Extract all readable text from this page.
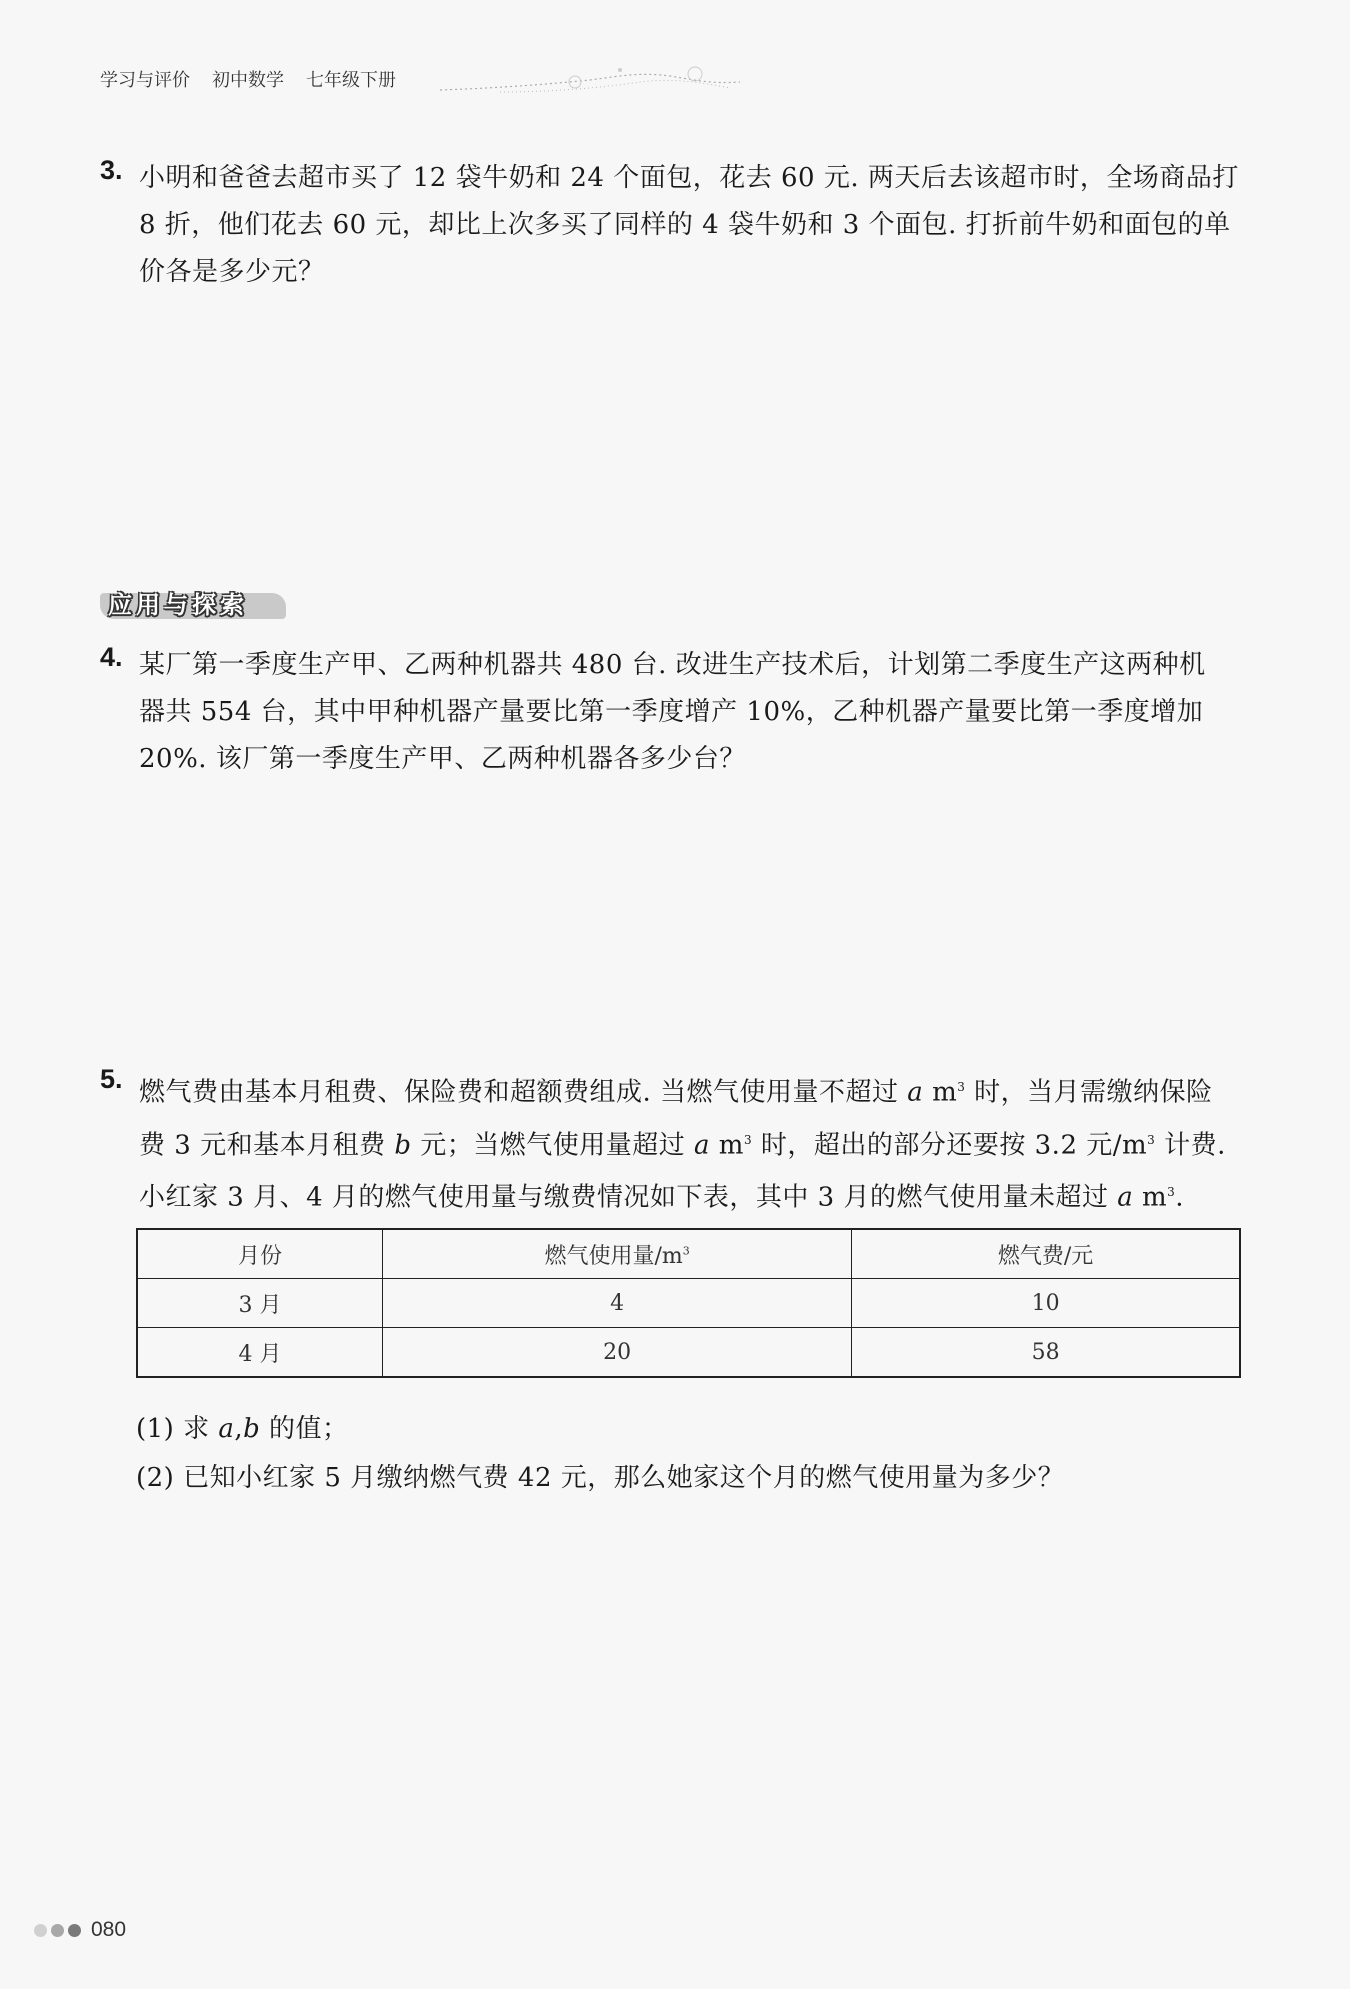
学习与评价 初中数学 七年级下册
3. 小明和爸爸去超市买了 12 袋牛奶和 24 个面包，花去 60 元. 两天后去该超市时，全场商品打

8 折，他们花去 60 元，却比上次多买了同样的 4 袋牛奶和 3 个面包. 打折前牛奶和面包的单

价各是多少元？

应用与探索
4. 某厂第一季度生产甲、乙两种机器共 480 台. 改进生产技术后，计划第二季度生产这两种机

器共 554 台，其中甲种机器产量要比第一季度增产 10%，乙种机器产量要比第一季度增加

20%. 该厂第一季度生产甲、乙两种机器各多少台？

5. 燃气费由基本月租费、保险费和超额费组成. 当燃气使用量不超过 a $m^3$ 时，当月需缴纳保险

费 3 元和基本月租费 b 元；当燃气使用量超过 a $m^3$ 时，超出的部分还要按 3.2 元$/m^3$ 计费.

小红家 3 月、4 月的燃气使用量与缴费情况如下表，其中 3 月的燃气使用量未超过 a $m^3$.

月份	燃气使用量$/m^3$	燃气费/元
3 月	4	10
4 月	20	58
(1) 求 a,b 的值；
(2) 已知小红家 5 月缴纳燃气费 42 元，那么她家这个月的燃气使用量为多少？
080
